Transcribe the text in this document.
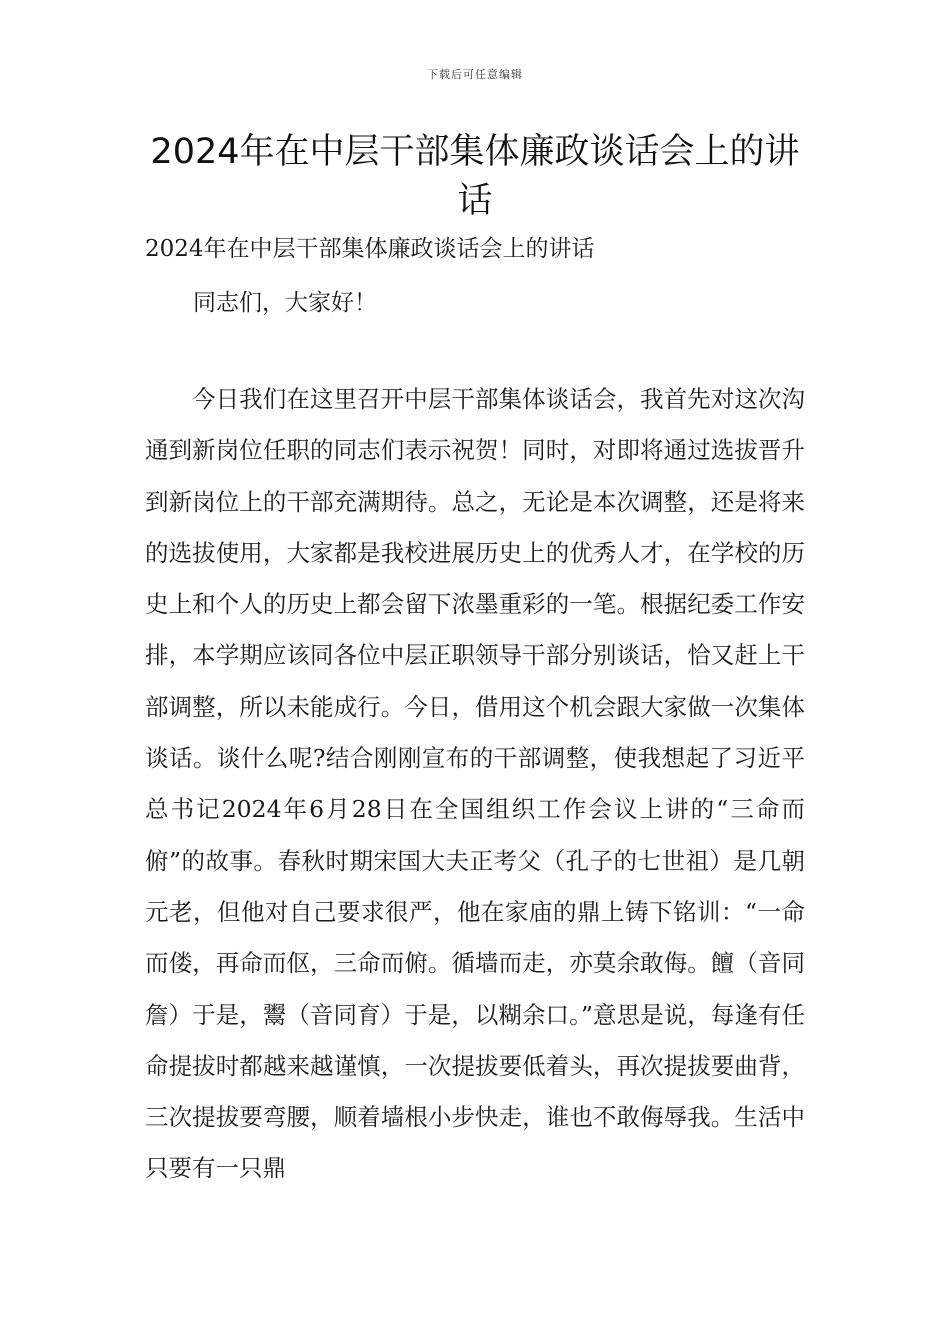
下载后可任意编辑
2024年在中层干部集体廉政谈话会上的讲话

2024年在中层干部集体廉政谈话会上的讲话

同志们，大家好！

今日我们在这里召开中层干部集体谈话会，我首先对这次沟通到新岗位任职的同志们表示祝贺！同时，对即将通过选拔晋升到新岗位上的干部充满期待。总之，无论是本次调整，还是将来的选拔使用，大家都是我校进展历史上的优秀人才，在学校的历史上和个人的历史上都会留下浓墨重彩的一笔。根据纪委工作安排，本学期应该同各位中层正职领导干部分别谈话，恰又赶上干部调整，所以未能成行。今日，借用这个机会跟大家做一次集体谈话。谈什么呢?结合刚刚宣布的干部调整，使我想起了习近平总书记2024年6月28日在全国组织工作会议上讲的“三命而俯”的故事。春秋时期宋国大夫正考父（孔子的七世祖）是几朝元老，但他对自己要求很严，他在家庙的鼎上铸下铭训：“一命而偻，再命而伛，三命而俯。循墙而走，亦莫余敢侮。饘（音同詹）于是，鬻（音同育）于是，以糊余口。”意思是说，每逢有任命提拔时都越来越谨慎，一次提拔要低着头，再次提拔要曲背，三次提拔要弯腰，顺着墙根小步快走，谁也不敢侮辱我。生活中只要有一只鼎
